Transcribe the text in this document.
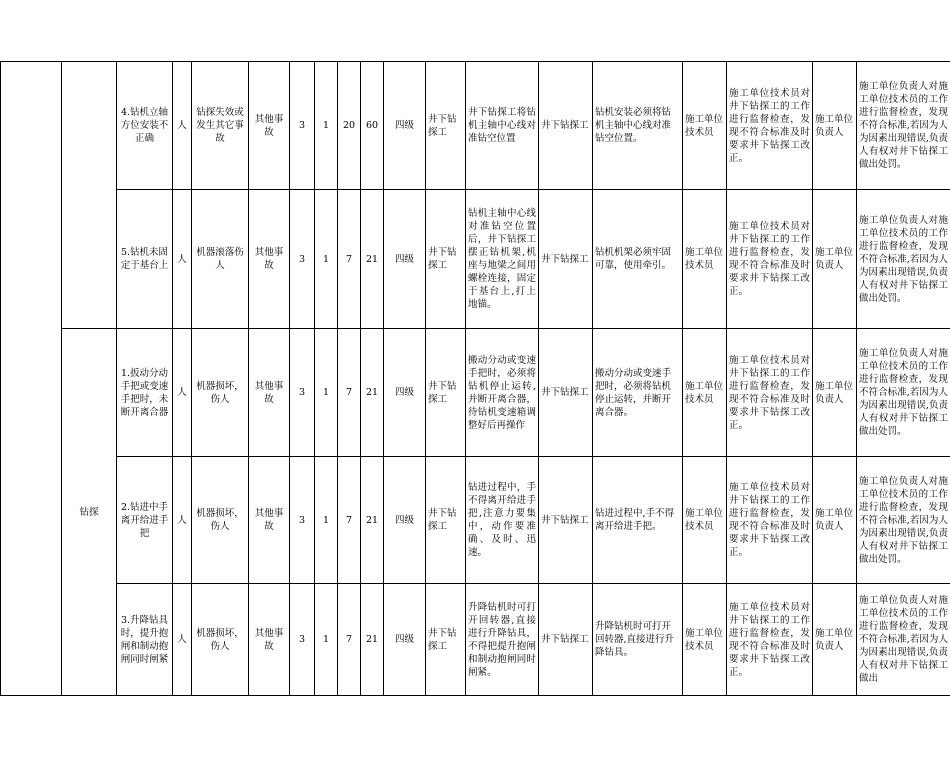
		4.钻机立轴方位安装不正确	人	钻探失效或发生其它事故	其他事故	3	1	20	60	四级	井下钻探工	井下钻探工将钻机主轴中心线对准钻空位置	井下钻探工	钻机安装必须将钻机主轴中心线对准钻空位置。	施工单位技术员	施工单位技术员对井下钻探工的工作进行监督检查，发现不符合标准及时要求井下钻探工改正。	施工单位负责人	施工单位负责人对施工单位技术员的工作进行监督检查，发现不符合标准,若因为人为因素出现错误,负责人有权对井下钻探工做出处罚。
		5.钻机未固定于基台上	人	机器滚落伤人	其他事故	3	1	7	21	四级	井下钻探工	钻机主轴中心线对准钻空位置后，井下钻探工摆正钻机架,机座与地梁之间用螺栓连接，固定于基台上,打上地锚。	井下钻探工	钻机机架必须牢固可靠，使用牵引。	施工单位技术员	施工单位技术员对井下钻探工的工作进行监督检查，发现不符合标准及时要求井下钻探工改正。	施工单位负责人	施工单位负责人对施工单位技术员的工作进行监督检查，发现不符合标准,若因为人为因素出现错误,负责人有权对井下钻探工做出处罚。
	钻探	1.扳动分动手把或变速手把时，未断开离合器	人	机器损坏，伤人	其他事故	3	1	7	21	四级	井下钻探工	搬动分动或变速手把时，必须将钻机停止运转,并断开离合器，待钻机变速箱调整好后再操作	井下钻探工	搬动分动或变速手把时，必须将钻机停止运转，并断开离合器。	施工单位技术员	施工单位技术员对井下钻探工的工作进行监督检查，发现不符合标准及时要求井下钻探工改正。	施工单位负责人	施工单位负责人对施工单位技术员的工作进行监督检查，发现不符合标准,若因为人为因素出现错误,负责人有权对井下钻探工做出处罚。
		2.钻进中手离开给进手把	人	机器损坏，伤人	其他事故	3	1	7	21	四级	井下钻探工	钻进过程中，手不得离开给进手把,注意力要集中，动作要准确、及时、迅速。	井下钻探工	钻进过程中,手不得离开给进手把。	施工单位技术员	施工单位技术员对井下钻探工的工作进行监督检查，发现不符合标准及时要求井下钻探工改正。	施工单位负责人	施工单位负责人对施工单位技术员的工作进行监督检查，发现不符合标准,若因为人为因素出现错误,负责人有权对井下钻探工做出处罚。
		3.升降钻具时，提升抱闸和制动抱闸同时闸紧	人	机器损坏，伤人	其他事故	3	1	7	21	四级	井下钻探工	升降钻机时可打开回转器,直接进行升降钻具，不得把提升抱闸和制动抱闸同时闸紧。	井下钻探工	升降钻机时可打开回转器,直接进行升降钻具。	施工单位技术员	施工单位技术员对井下钻探工的工作进行监督检查，发现不符合标准及时要求井下钻探工改正。	施工单位负责人	施工单位负责人对施工单位技术员的工作进行监督检查，发现不符合标准,若因为人为因素出现错误,负责人有权对井下钻探工做出
